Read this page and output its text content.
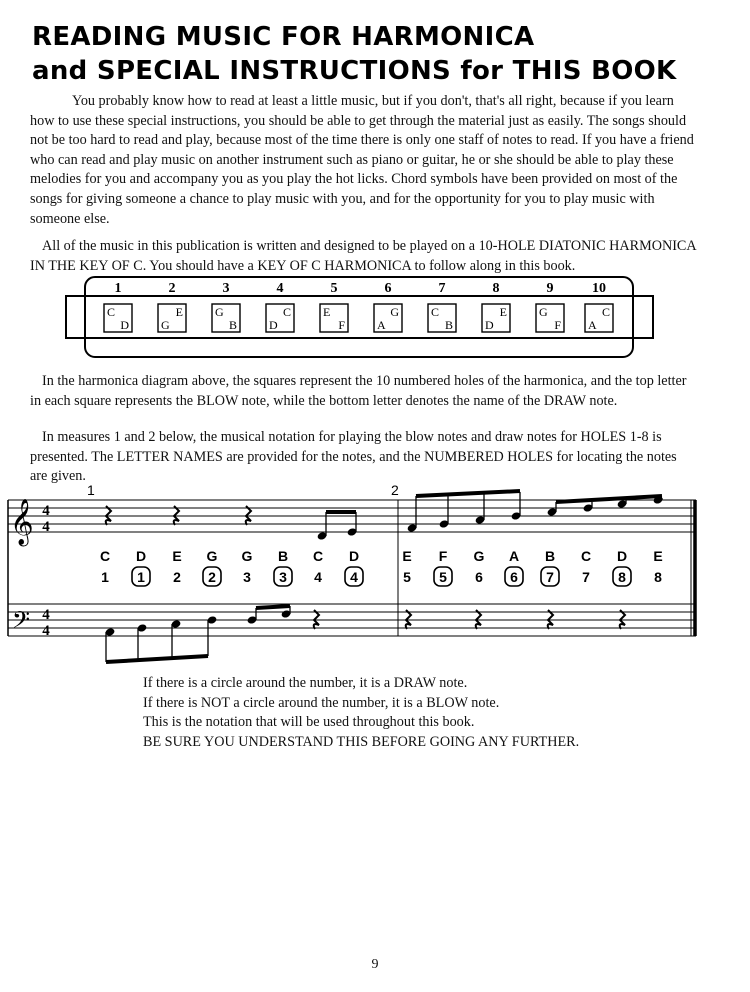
READING MUSIC FOR HARMONICA
and SPECIAL INSTRUCTIONS for THIS BOOK

You probably know how to read at least a little music, but if you don't, that's all right, because if you learn how to use these special instructions, you should be able to get through the material just as easily. The songs should not be too hard to read and play, because most of the time there is only one staff of notes to read. If you have a friend who can read and play music on another instrument such as piano or guitar, he or she should be able to play these melodies for you and accompany you as you play the hot licks. Chord symbols have been provided on most of the songs for giving someone a chance to play music with you, and for the opportunity for you to play music with someone else.

All of the music in this publication is written and designed to be played on a 10-HOLE DIATONIC HARMONICA IN THE KEY OF C. You should have a KEY OF C HARMONICA to follow along in this book.

1
C
D
2
E
G
3
G
B
4
C
D
5
E
F
6
G
A
7
C
B
8
E
D
9
G
F
10
C
A

In the harmonica diagram above, the squares represent the 10 numbered holes of the harmonica, and the top letter in each square represents the BLOW note, while the bottom letter denotes the name of the DRAW note.

In measures 1 and 2 below, the musical notation for playing the blow notes and draw notes for HOLES 1-8 is presented. The LETTER NAMES are provided for the notes, and the NUMBERED HOLES for locating the notes are given.

1	2
𝄞
𝄢
4
4
4
4
C
1
D
1
E
2
G
2
G
3
B
3
C
4
D
4
E
5
F
5
G
6
A
6
B
7
C
7
D
8
E
8
If there is a circle around the number, it is a DRAW note.
If there is NOT a circle around the number, it is a BLOW note.
This is the notation that will be used throughout this book.
BE SURE YOU UNDERSTAND THIS BEFORE GOING ANY FURTHER.
9
